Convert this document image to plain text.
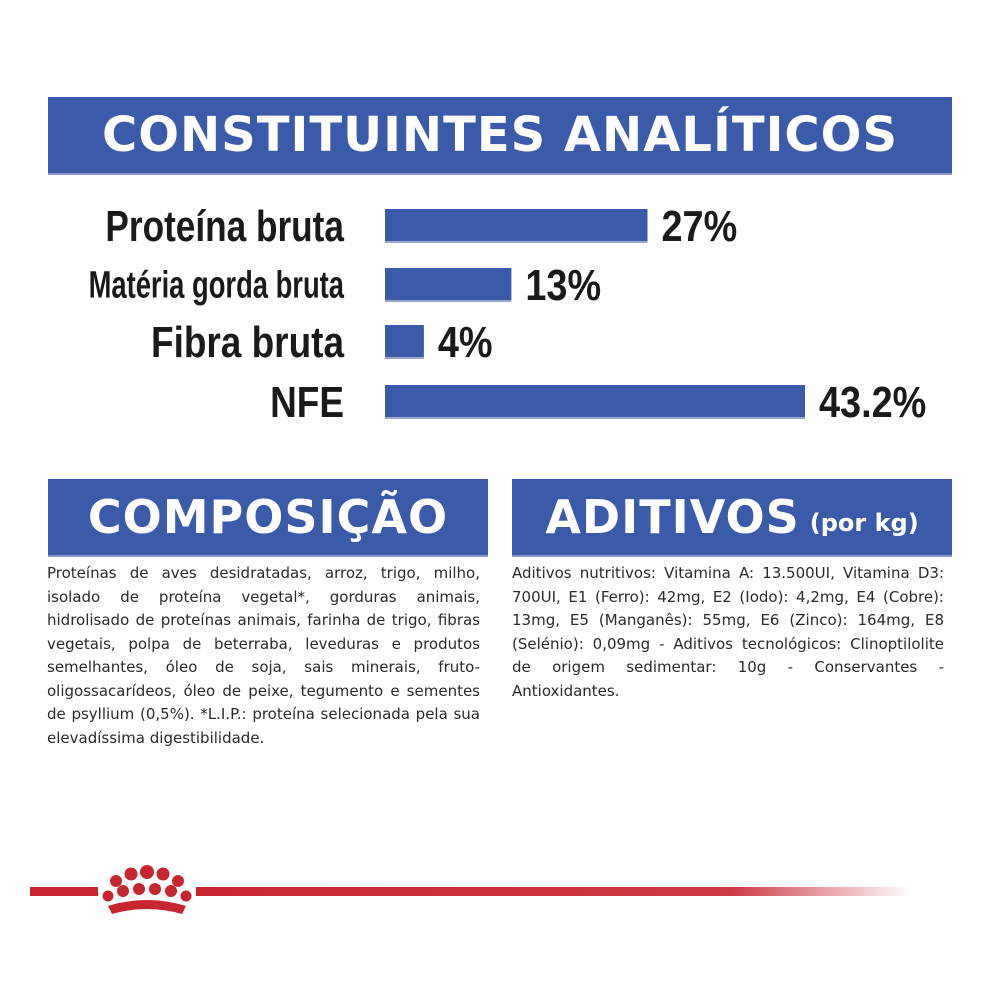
CONSTITUINTES ANALÍTICOS
Proteína bruta	27%
Matéria gorda bruta	13%
Fibra bruta 4%
NFE	43.2%
COMPOSIÇÃO
Proteínas de aves desidratadas, arroz, trigo, milho, isolado de proteína vegetal*, gorduras animais, hidrolisado de proteínas animais, farinha de trigo, fibras vegetais, polpa de beterraba, leveduras e produtos semelhantes, óleo de soja, sais minerais, fruto-oligossacarídeos, óleo de peixe, tegumento e sementes de psyllium (0,5%). *L.I.P.: proteína selecionada pela sua elevadíssima digestibilidade.
ADITIVOS (por kg)
Aditivos nutritivos: Vitamina A: 13.500UI, Vitamina D3: 700UI, E1 (Ferro): 42mg, E2 (Iodo): 4,2mg, E4 (Cobre): 13mg, E5 (Manganês): 55mg, E6 (Zinco): 164mg, E8 (Selénio): 0,09mg - Aditivos tecnológicos: Clinoptilolite de origem sedimentar: 10g - Conservantes - Antioxidantes.
